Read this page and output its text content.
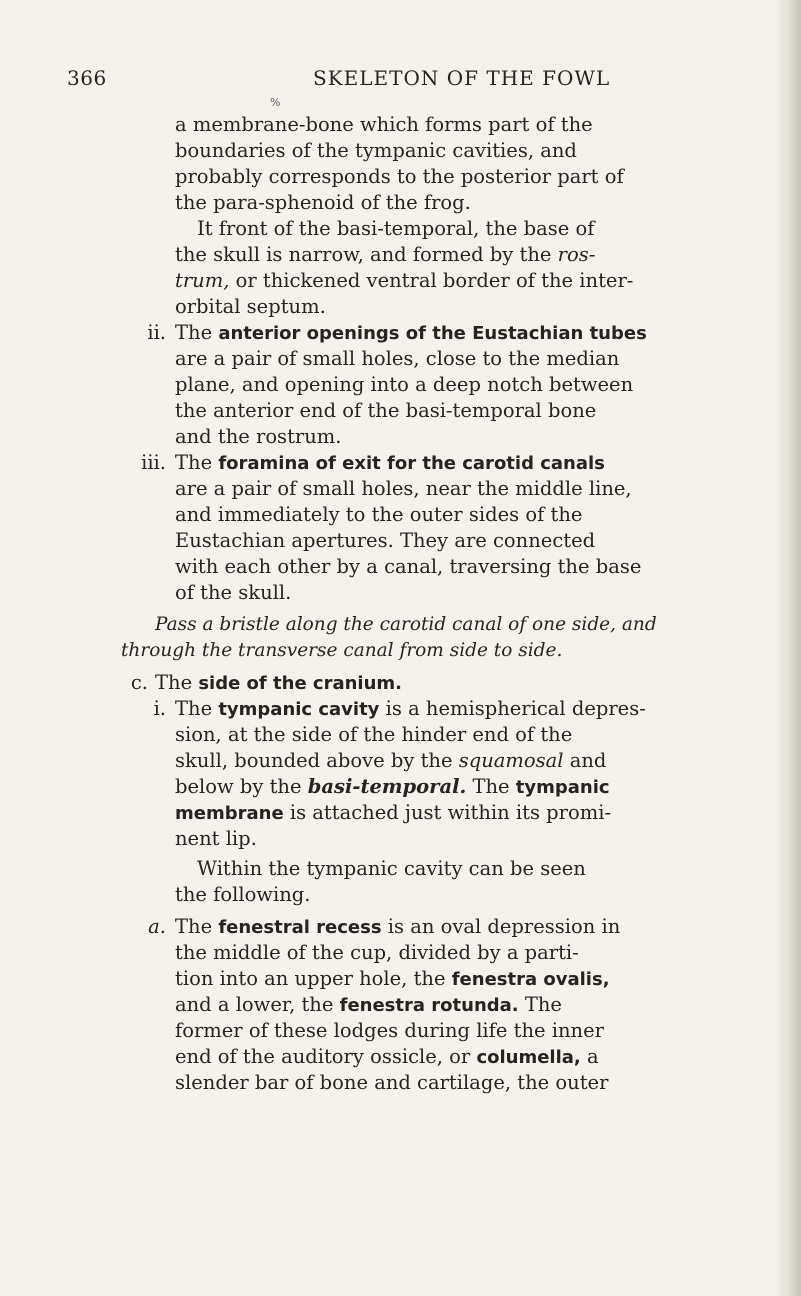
366	SKELETON OF THE FOWL
%
a membrane-bone which forms part of the
boundaries of the tympanic cavities, and
probably corresponds to the posterior part of
the para-sphenoid of the frog.
It front of the basi-temporal, the base of
the skull is narrow, and formed by the ros-
trum, or thickened ventral border of the inter-
orbital septum.
ii. The anterior openings of the Eustachian tubes
are a pair of small holes, close to the median
plane, and opening into a deep notch between
the anterior end of the basi-temporal bone
and the rostrum.
iii. The foramina of exit for the carotid canals
are a pair of small holes, near the middle line,
and immediately to the outer sides of the
Eustachian apertures. They are connected
with each other by a canal, traversing the base
of the skull.
Pass a bristle along the carotid canal of one side, and
through the transverse canal from side to side.
c. The side of the cranium.
i. The tympanic cavity is a hemispherical depres-
sion, at the side of the hinder end of the
skull, bounded above by the squamosal and
below by the basi-temporal. The tympanic
membrane is attached just within its promi-
nent lip.
Within the tympanic cavity can be seen
the following.
a. The fenestral recess is an oval depression in
the middle of the cup, divided by a parti-
tion into an upper hole, the fenestra ovalis,
and a lower, the fenestra rotunda. The
former of these lodges during life the inner
end of the auditory ossicle, or columella, a
slender bar of bone and cartilage, the outer
